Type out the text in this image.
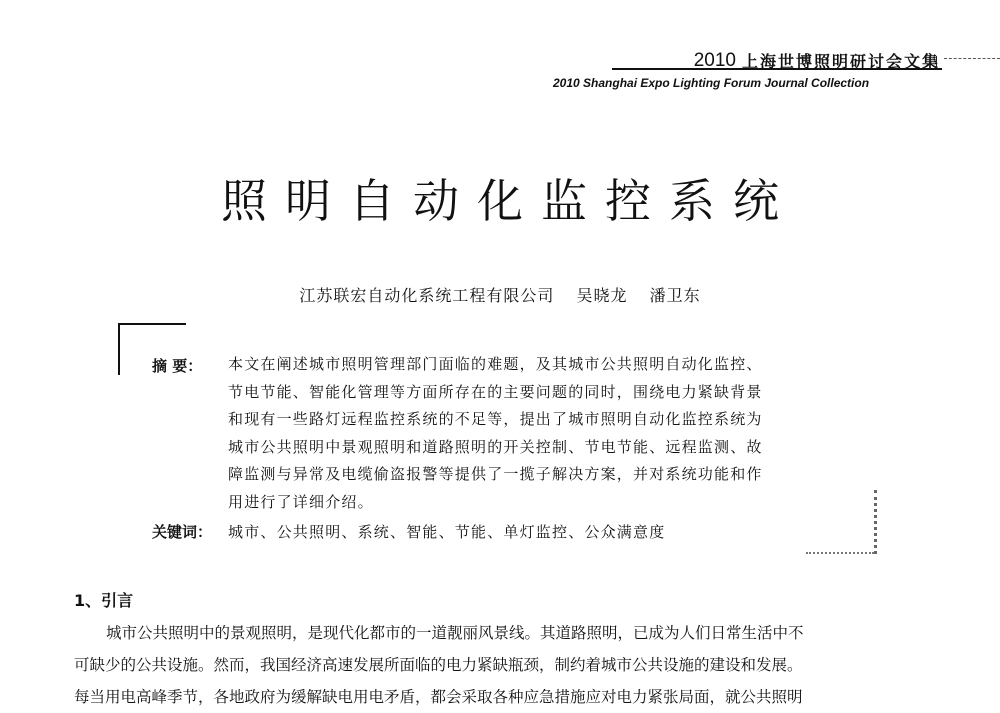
2010 上海世博照明研讨会文集
2010 Shanghai Expo Lighting Forum Journal Collection
照明自动化监控系统
江苏联宏自动化系统工程有限公司 吴晓龙 潘卫东
摘 要： 本文在阐述城市照明管理部门面临的难题，及其城市公共照明自动化监控、
节电节能、智能化管理等方面所存在的主要问题的同时，围绕电力紧缺背景
和现有一些路灯远程监控系统的不足等，提出了城市照明自动化监控系统为
城市公共照明中景观照明和道路照明的开关控制、节电节能、远程监测、故
障监测与异常及电缆偷盗报警等提供了一揽子解决方案，并对系统功能和作
用进行了详细介绍。
关键词： 城市、公共照明、系统、智能、节能、单灯监控、公众满意度
1、引言
城市公共照明中的景观照明，是现代化都市的一道靓丽风景线。其道路照明，已成为人们日常生活中不
可缺少的公共设施。然而，我国经济高速发展所面临的电力紧缺瓶颈，制约着城市公共设施的建设和发展。
每当用电高峰季节，各地政府为缓解缺电用电矛盾，都会采取各种应急措施应对电力紧张局面，就公共照明
